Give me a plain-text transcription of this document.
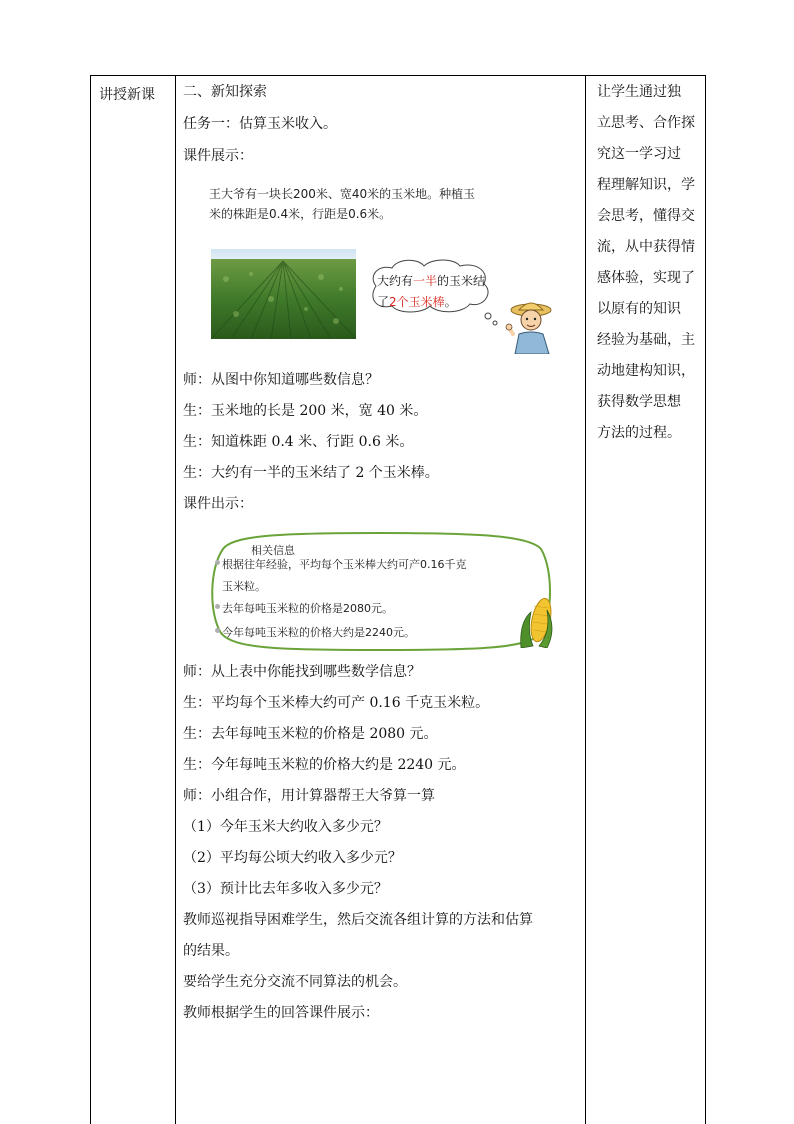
讲授新课 二、新知探索
任务一：估算玉米收入。
课件展示：
师：从图中你知道哪些数信息？
生：玉米地的长是 200 米，宽 40 米。
生：知道株距 0.4 米、行距 0.6 米。
生：大约有一半的玉米结了 2 个玉米棒。
课件出示：
师：从上表中你能找到哪些数学信息？
生：平均每个玉米棒大约可产 0.16 千克玉米粒。
生：去年每吨玉米粒的价格是 2080 元。
生：今年每吨玉米粒的价格大约是 2240 元。
师：小组合作，用计算器帮王大爷算一算
（1）今年玉米大约收入多少元？
（2）平均每公顷大约收入多少元？
（3）预计比去年多收入多少元？
教师巡视指导困难学生，然后交流各组计算的方法和估算
的结果。
要给学生充分交流不同算法的机会。
教师根据学生的回答课件展示：
王大爷有一块长200米、宽40米的玉米地。种植玉
米的株距是0.4米，行距是0.6米。
大约有一半的玉米结
了2个玉米棒。
相关信息
根据往年经验，平均每个玉米棒大约可产0.16千克
玉米粒。
去年每吨玉米粒的价格是2080元。
今年每吨玉米粒的价格大约是2240元。
让学生通过独
立思考、合作探
究这一学习过
程理解知识，学
会思考，懂得交
流，从中获得情
感体验，实现了
以原有的知识
经验为基础，主
动地建构知识，
获得数学思想
方法的过程。
